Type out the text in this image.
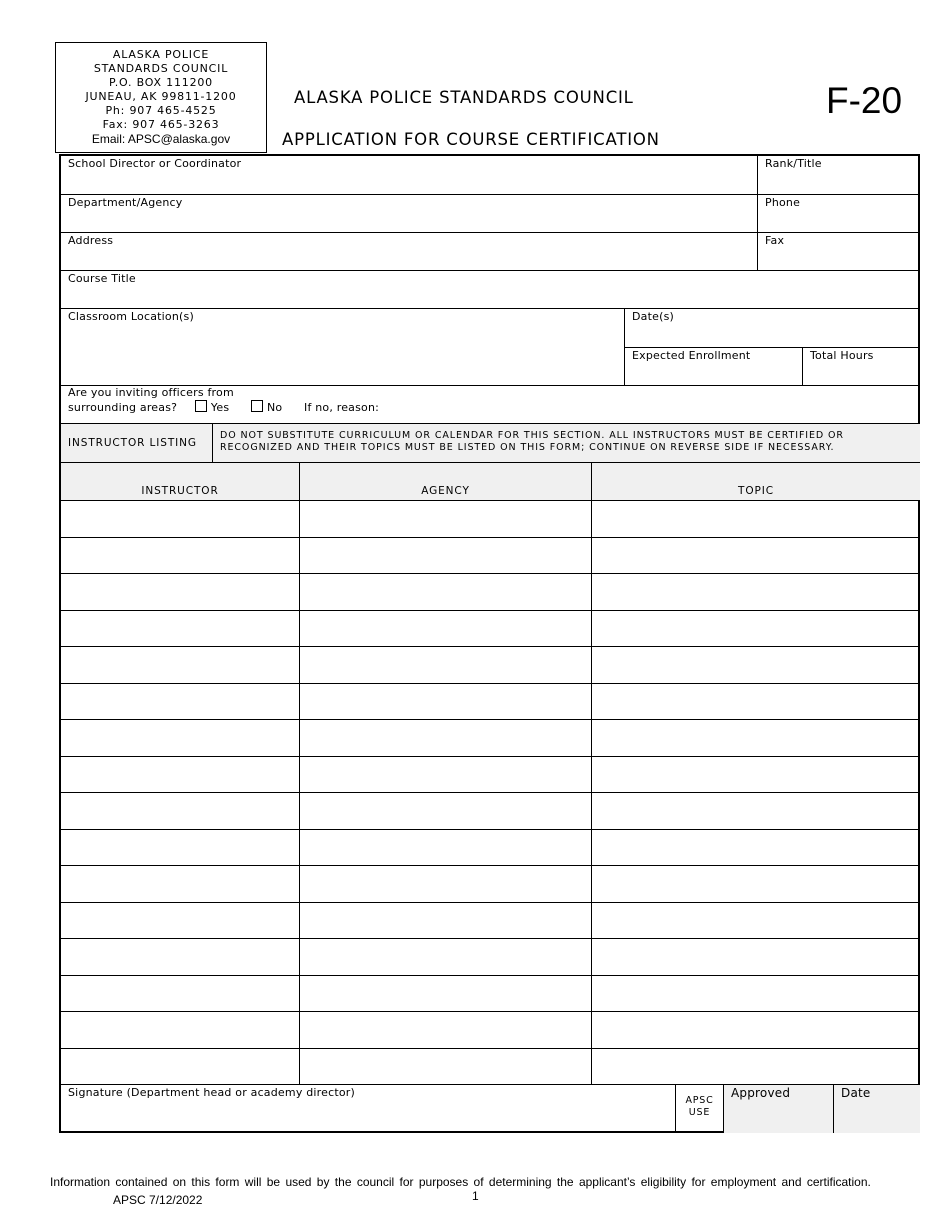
ALASKA POLICE
STANDARDS COUNCIL
P.O. BOX 111200
JUNEAU, AK 99811-1200
Ph: 907 465-4525
Fax: 907 465-3263
Email: APSC@alaska.gov
ALASKA POLICE STANDARDS COUNCIL
APPLICATION FOR COURSE CERTIFICATION
F-20
School Director or Coordinator	Rank/Title
Department/Agency	Phone
Address	Fax
Course Title
Classroom Location(s)	Date(s)
Expected Enrollment	Total Hours
Are you inviting officers from
surrounding areas?	Yes	No If no, reason:
INSTRUCTOR LISTING
DO NOT SUBSTITUTE CURRICULUM OR CALENDAR FOR THIS SECTION. ALL INSTRUCTORS MUST BE CERTIFIED OR
RECOGNIZED AND THEIR TOPICS MUST BE LISTED ON THIS FORM; CONTINUE ON REVERSE SIDE IF NECESSARY.
INSTRUCTOR	AGENCY	TOPIC
Signature (Department head or academy director)
APSC
USE
Approved	Date
Information contained on this form will be used by the council for purposes of determining the applicant’s eligibility for employment and certification.
1
APSC 7/12/2022
